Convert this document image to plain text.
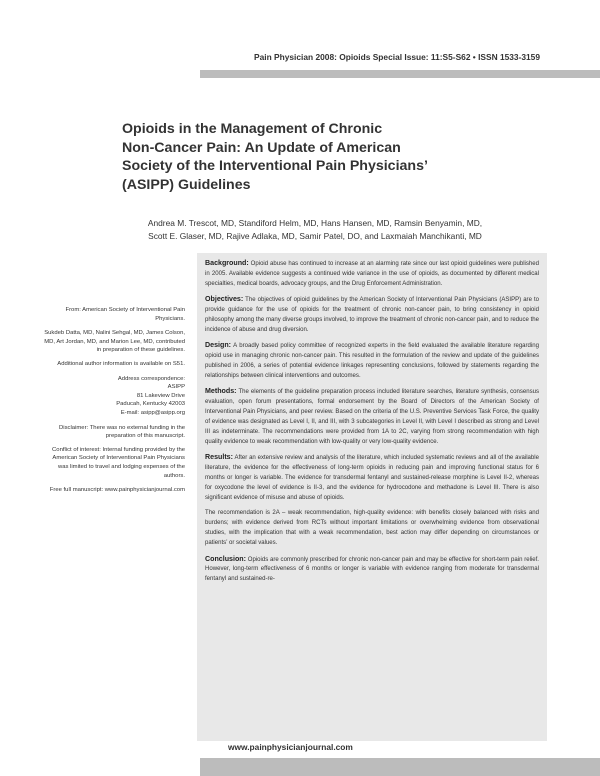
Pain Physician 2008: Opioids Special Issue: 11:S5-S62 • ISSN 1533-3159
Opioids in the Management of Chronic
Non-Cancer Pain: An Update of American
Society of the Interventional Pain Physicians’
(ASIPP) Guidelines
Andrea M. Trescot, MD, Standiford Helm, MD, Hans Hansen, MD, Ramsin Benyamin, MD,
Scott E. Glaser, MD, Rajive Adlaka, MD, Samir Patel, DO, and Laxmaiah Manchikanti, MD

From: American Society of Interventional Pain Physicians.

Sukdeb Datta, MD, Nalini Sehgal, MD, James Colson, MD, Art Jordan, MD, and Marion Lee, MD, contributed in preparation of these guidelines.

Additional author information is available on S51.

Address correspondence:
ASIPP
81 Lakeview Drive
Paducah, Kentucky 42003
E-mail: asipp@asipp.org

Disclaimer: There was no external funding in the preparation of this manuscript.

Conflict of interest: Internal funding provided by the American Society of Interventional Pain Physicians was limited to travel and lodging expenses of the authors.

Free full manuscript: www.painphysicianjournal.com

Background: Opioid abuse has continued to increase at an alarming rate since our last opioid guidelines were published in 2005. Available evidence suggests a continued wide variance in the use of opioids, as documented by different medical specialties, medical boards, advocacy groups, and the Drug Enforcement Administration.

Objectives: The objectives of opioid guidelines by the American Society of Interventional Pain Physicians (ASIPP) are to provide guidance for the use of opioids for the treatment of chronic non-cancer pain, to bring consistency in opioid philosophy among the many diverse groups involved, to improve the treatment of chronic non-cancer pain, and to reduce the incidence of abuse and drug diversion.

Design: A broadly based policy committee of recognized experts in the field evaluated the available literature regarding opioid use in managing chronic non-cancer pain. This resulted in the formulation of the review and update of the guidelines published in 2006, a series of potential evidence linkages representing conclusions, followed by statements regarding the relationships between clinical interventions and outcomes.

Methods: The elements of the guideline preparation process included literature searches, literature synthesis, consensus evaluation, open forum presentations, formal endorsement by the Board of Directors of the American Society of Interventional Pain Physicians, and peer review. Based on the criteria of the U.S. Preventive Services Task Force, the quality of evidence was designated as Level I, II, and III, with 3 subcategories in Level II, with Level I described as strong and Level III as indeterminate. The recommendations were provided from 1A to 2C, varying from strong recommendation with high quality evidence to weak recommendation with low-quality or very low-quality evidence.

Results: After an extensive review and analysis of the literature, which included systematic reviews and all of the available literature, the evidence for the effectiveness of long-term opioids in reducing pain and improving functional status for 6 months or longer is variable. The evidence for transdermal fentanyl and sustained-release morphine is Level II-2, whereas for oxycodone the level of evidence is II-3, and the evidence for hydrocodone and methadone is Level III. There is also significant evidence of misuse and abuse of opioids.

The recommendation is 2A – weak recommendation, high-quality evidence: with benefits closely balanced with risks and burdens; with evidence derived from RCTs without important limitations or overwhelming evidence from observational studies, with the implication that with a weak recommendation, best action may differ depending on circumstances or patients’ or societal values.

Conclusion: Opioids are commonly prescribed for chronic non-cancer pain and may be effective for short-term pain relief. However, long-term effectiveness of 6 months or longer is variable with evidence ranging from moderate for transdermal fentanyl and sustained-re-

www.painphysicianjournal.com
